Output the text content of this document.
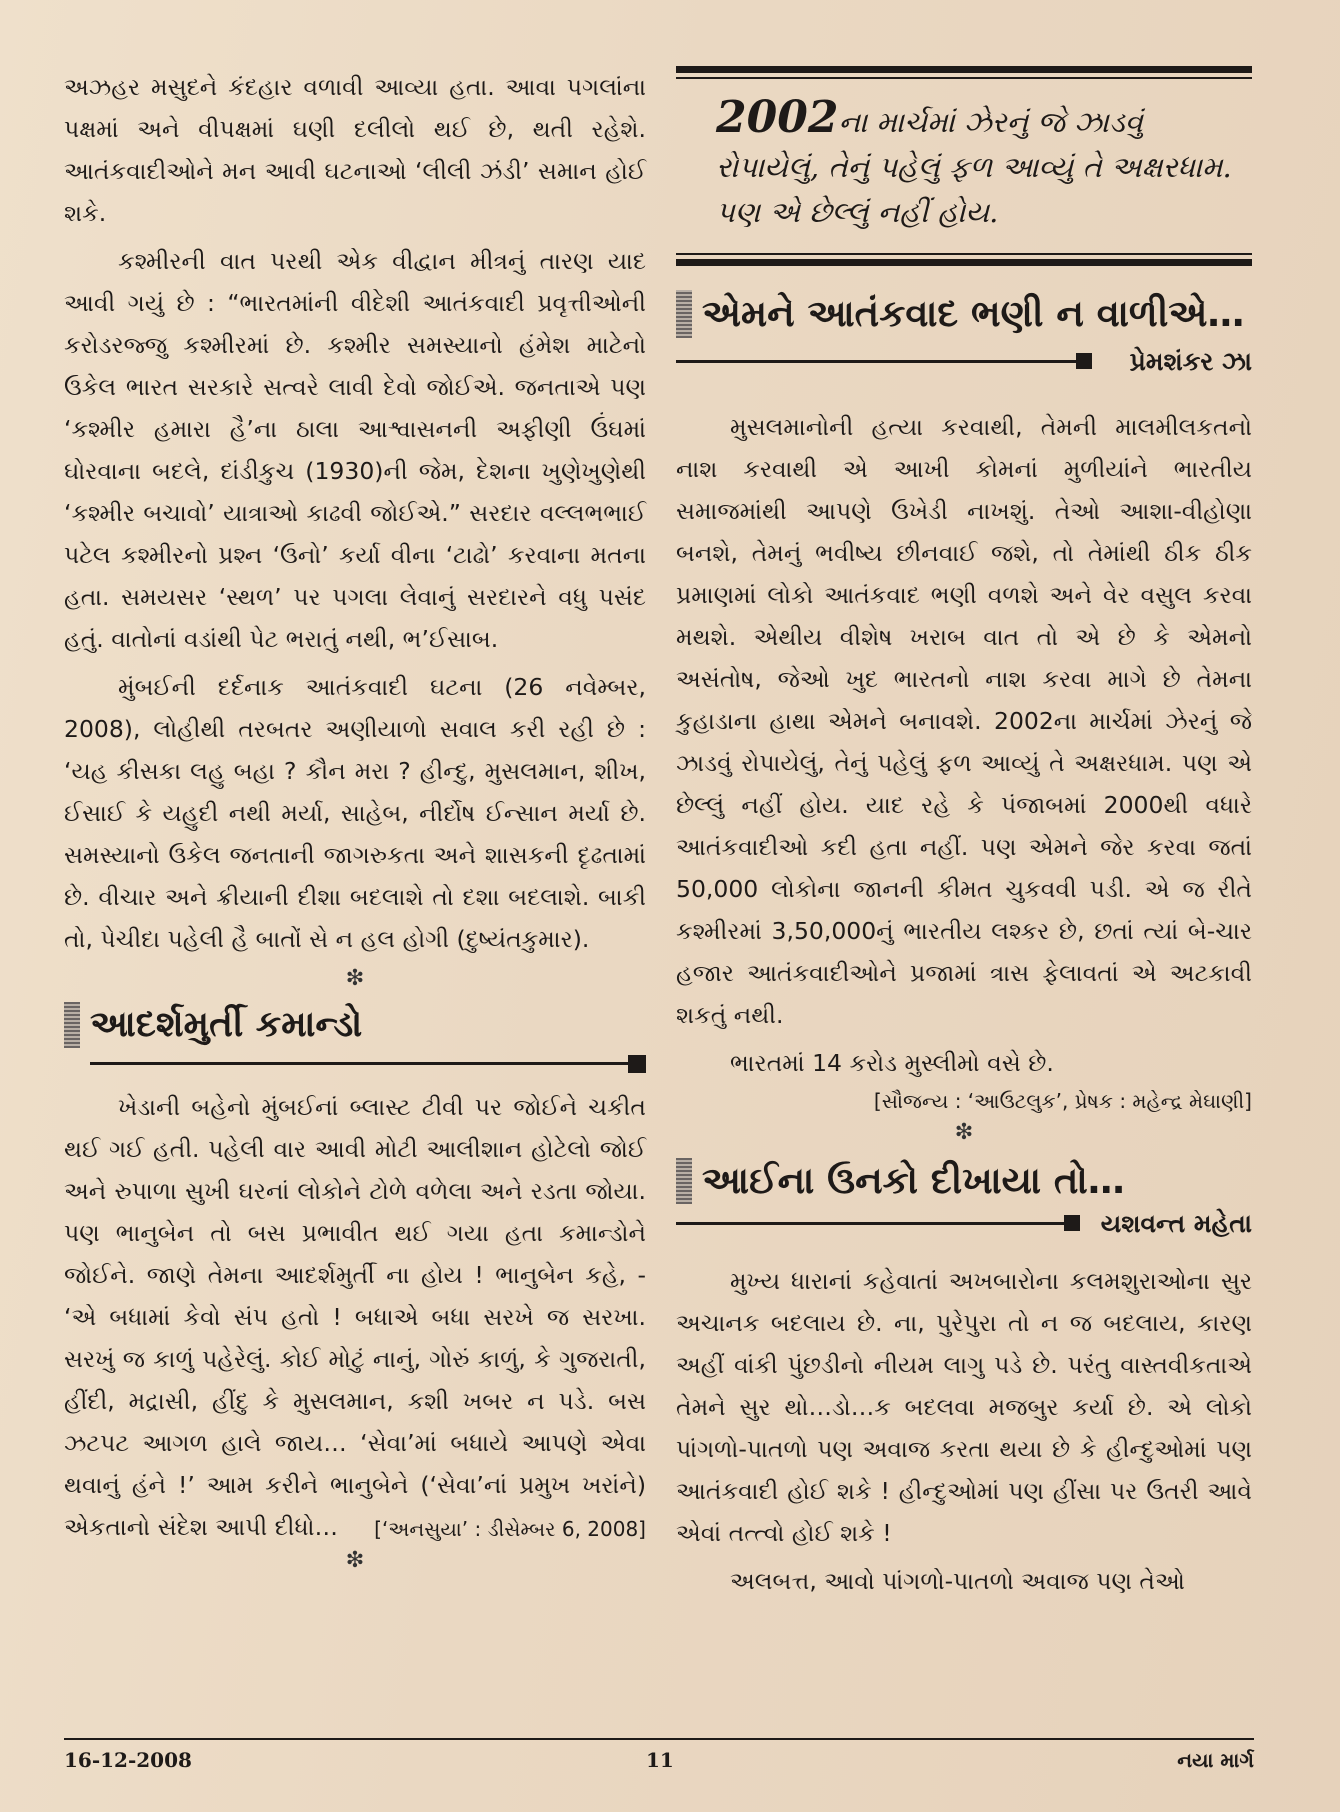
અઝહર મસુદને કંદહાર વળાવી આવ્યા હતા. આવા પગલાંના પક્ષમાં અને વીપક્ષમાં ઘણી દલીલો થઈ છે, થતી રહેશે. આતંકવાદીઓને મન આવી ઘટનાઓ ‘લીલી ઝંડી’ સમાન હોઈ શકે.

કશ્મીરની વાત પરથી એક વીદ્વાન મીત્રનું તારણ યાદ આવી ગયું છે : “ભારતમાંની વીદેશી આતંકવાદી પ્રવૃત્તીઓની કરોડરજ્જુ કશ્મીરમાં છે. કશ્મીર સમસ્યાનો હંમેશ માટેનો ઉકેલ ભારત સરકારે સત્વરે લાવી દેવો જોઈએ. જનતાએ પણ ‘કશ્મીર હમારા હૈ’ના ઠાલા આશ્વાસનની અફીણી ઉંઘમાં ઘોરવાના બદલે, દાંડીકુચ (1930)ની જેમ, દેશના ખુણેખુણેથી ‘કશ્મીર બચાવો’ યાત્રાઓ કાઢવી જોઈએ.” સરદાર વલ્લભભાઈ પટેલ કશ્મીરનો પ્રશ્ન ‘ઉનો’ કર્યા વીના ‘ટાઢો’ કરવાના મતના હતા. સમયસર ‘સ્થળ’ પર પગલા લેવાનું સરદારને વધુ પસંદ હતું. વાતોનાં વડાંથી પેટ ભરાતું નથી, ભ’ઈસાબ.

મુંબઈની દર્દનાક આતંકવાદી ઘટના (26 નવેમ્બર, 2008), લોહીથી તરબતર અણીયાળો સવાલ કરી રહી છે : ‘યહ કીસકા લહુ બહા ? કૌન મરા ? હીન્દુ, મુસલમાન, શીખ, ઈસાઈ કે યહુદી નથી મર્યા, સાહેબ, નીર્દોષ ઈન્સાન મર્યા છે. સમસ્યાનો ઉકેલ જનતાની જાગરુકતા અને શાસકની દૃઢતામાં છે. વીચાર અને ક્રીયાની દીશા બદલાશે તો દશા બદલાશે. બાકી તો, પેચીદા પહેલી હૈ બાતોં સે ન હલ હોગી (દુષ્યંતકુમાર).

❇
આદર્શમુર્તી કમાન્ડો

ખેડાની બહેનો મુંબઈનાં બ્લાસ્ટ ટીવી પર જોઈને ચકીત થઈ ગઈ હતી. પહેલી વાર આવી મોટી આલીશાન હોટેલો જોઈ અને રુપાળા સુખી ઘરનાં લોકોને ટોળે વળેલા અને રડતા જોયા. પણ ભાનુબેન તો બસ પ્રભાવીત થઈ ગયા હતા કમાન્ડોને જોઈને. જાણે તેમના આદર્શમુર્તી ના હોય ! ભાનુબેન કહે, - ‘એ બધામાં કેવો સંપ હતો ! બધાએ બધા સરખે જ સરખા. સરખું જ કાળું પહેરેલું. કોઈ મોટું નાનું, ગોરું કાળું, કે ગુજરાતી, હીંદી, મદ્રાસી, હીંદુ કે મુસલમાન, કશી ખબર ન પડે. બસ ઝટપટ આગળ હાલે જાય… ‘સેવા’માં બધાયે આપણે એવા થવાનું હંને !’ આમ કરીને ભાનુબેને (‘સેવા’નાં પ્રમુખ ખરાંને) એકતાનો સંદેશ આપી દીધો…	[‘અનસુયા’ : ડીસેમ્બર 6, 2008]
❇
2002ના માર્ચમાં ઝેરનું જે ઝાડવું રોપાયેલું, તેનું પહેલું ફળ આવ્યું તે અક્ષરધામ. પણ એ છેલ્લું નહીં હોય.
એમને આતંકવાદ ભણી ન વાળીએ…
પ્રેમશંકર ઝા

મુસલમાનોની હત્યા કરવાથી, તેમની માલમીલકતનો નાશ કરવાથી એ આખી કોમનાં મુળીયાંને ભારતીય સમાજમાંથી આપણે ઉખેડી નાખશું. તેઓ આશા-વીહોણા બનશે, તેમનું ભવીષ્ય છીનવાઈ જશે, તો તેમાંથી ઠીક ઠીક પ્રમાણમાં લોકો આતંકવાદ ભણી વળશે અને વેર વસુલ કરવા મથશે. એથીય વીશેષ ખરાબ વાત તો એ છે કે એમનો અસંતોષ, જેઓ ખુદ ભારતનો નાશ કરવા માગે છે તેમના કુહાડાના હાથા એમને બનાવશે. 2002ના માર્ચમાં ઝેરનું જે ઝાડવું રોપાયેલું, તેનું પહેલું ફળ આવ્યું તે અક્ષરધામ. પણ એ છેલ્લું નહીં હોય. યાદ રહે કે પંજાબમાં 2000થી વધારે આતંકવાદીઓ કદી હતા નહીં. પણ એમને જેર કરવા જતાં 50,000 લોકોના જાનની કીમત ચુકવવી પડી. એ જ રીતે કશ્મીરમાં 3,50,000નું ભારતીય લશ્કર છે, છતાં ત્યાં બે-ચાર હજાર આતંકવાદીઓને પ્રજામાં ત્રાસ ફેલાવતાં એ અટકાવી શકતું નથી.

ભારતમાં 14 કરોડ મુસ્લીમો વસે છે.

[સૌજન્ય : ‘આઉટલુક’, પ્રેષક : મહેન્દ્ર મેઘાણી]
❇
આઈના ઉનકો દીખાયા તો…
યશવન્ત મહેતા

મુખ્ય ધારાનાં કહેવાતાં અખબારોના કલમશુરાઓના સુર અચાનક બદલાય છે. ના, પુરેપુરા તો ન જ બદલાય, કારણ અહીં વાંકી પુંછડીનો નીયમ લાગુ પડે છે. પરંતુ વાસ્તવીકતાએ તેમને સુર થો…ડો…ક બદલવા મજબુર કર્યા છે. એ લોકો પાંગળો-પાતળો પણ અવાજ કરતા થયા છે કે હીન્દુઓમાં પણ આતંકવાદી હોઈ શકે ! હીન્દુઓમાં પણ હીંસા પર ઉતરી આવે એવાં તત્ત્વો હોઈ શકે !

અલબત્ત, આવો પાંગળો-પાતળો અવાજ પણ તેઓ

16-12-2008	11	નયા માર્ગ
